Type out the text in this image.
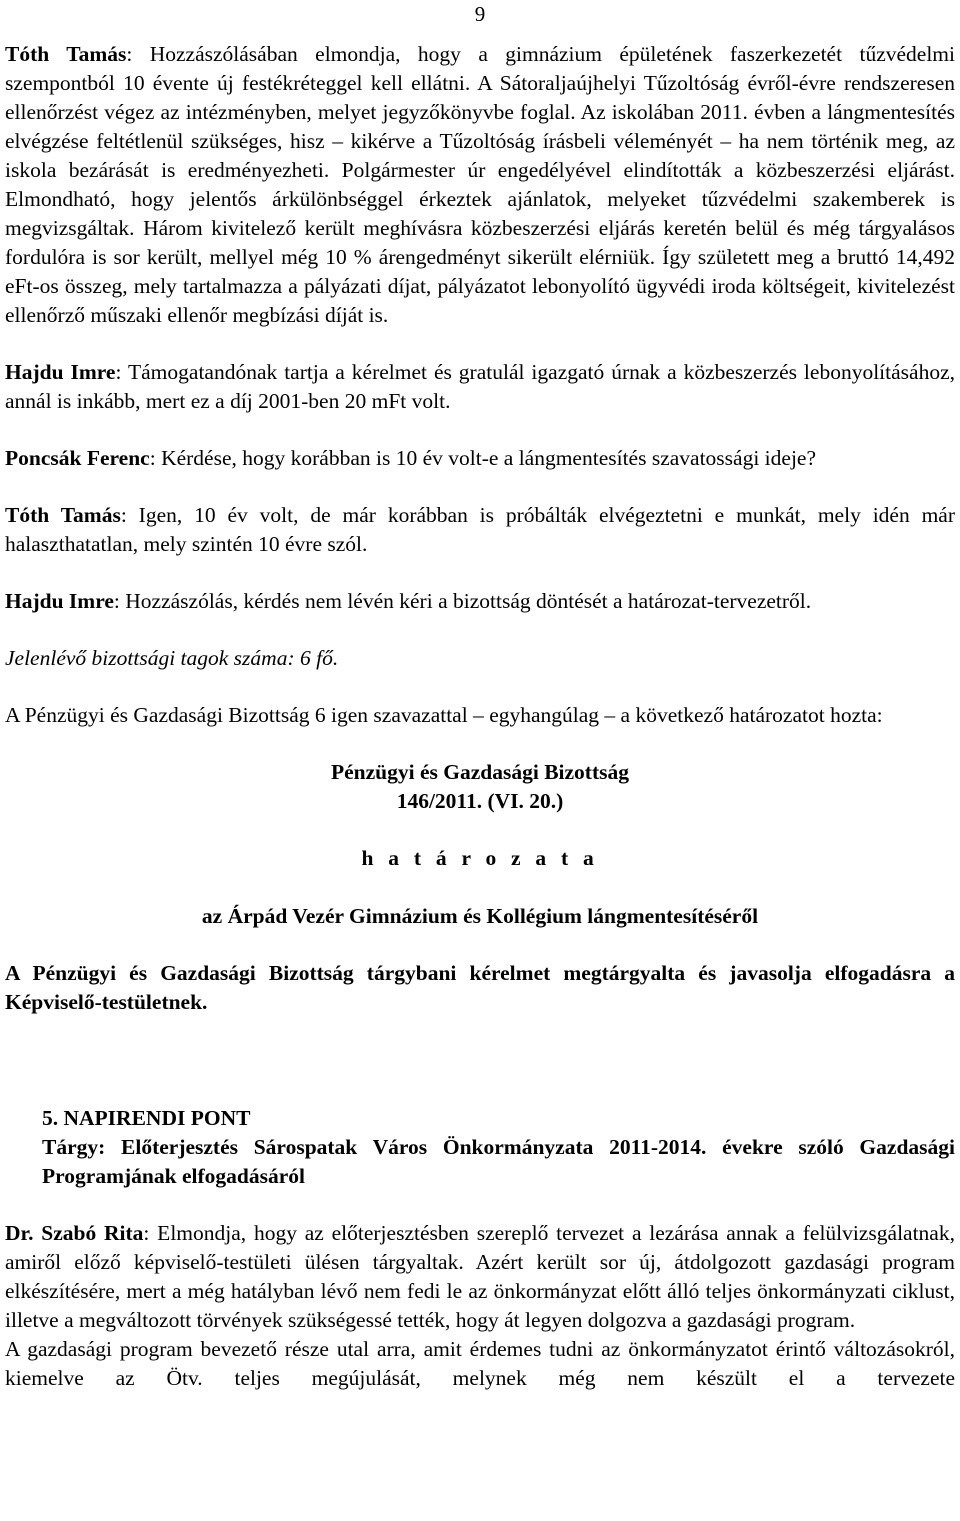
9

Tóth Tamás: Hozzászólásában elmondja, hogy a gimnázium épületének faszerkezetét tűzvédelmi szempontból 10 évente új festékréteggel kell ellátni. A Sátoraljaújhelyi Tűzoltóság évről-évre rendszeresen ellenőrzést végez az intézményben, melyet jegyzőkönyvbe foglal. Az iskolában 2011. évben a lángmentesítés elvégzése feltétlenül szükséges, hisz – kikérve a Tűzoltóság írásbeli véleményét – ha nem történik meg, az iskola bezárását is eredményezheti. Polgármester úr engedélyével elindították a közbeszerzési eljárást. Elmondható, hogy jelentős árkülönbséggel érkeztek ajánlatok, melyeket tűzvédelmi szakemberek is megvizsgáltak. Három kivitelező került meghívásra közbeszerzési eljárás keretén belül és még tárgyalásos fordulóra is sor került, mellyel még 10 % árengedményt sikerült elérniük. Így született meg a bruttó 14,492 eFt-os összeg, mely tartalmazza a pályázati díjat, pályázatot lebonyolító ügyvédi iroda költségeit, kivitelezést ellenőrző műszaki ellenőr megbízási díját is.

Hajdu Imre: Támogatandónak tartja a kérelmet és gratulál igazgató úrnak a közbeszerzés lebonyolításához, annál is inkább, mert ez a díj 2001-ben 20 mFt volt.

Poncsák Ferenc: Kérdése, hogy korábban is 10 év volt-e a lángmentesítés szavatossági ideje?

Tóth Tamás: Igen, 10 év volt, de már korábban is próbálták elvégeztetni e munkát, mely idén már halaszthatatlan, mely szintén 10 évre szól.

Hajdu Imre: Hozzászólás, kérdés nem lévén kéri a bizottság döntését a határozat-tervezetről.

Jelenlévő bizottsági tagok száma: 6 fő.

A Pénzügyi és Gazdasági Bizottság 6 igen szavazattal – egyhangúlag – a következő határozatot hozta:

Pénzügyi és Gazdasági Bizottság

146/2011. (VI. 20.)

h a t á r o z a t a

az Árpád Vezér Gimnázium és Kollégium lángmentesítéséről

A Pénzügyi és Gazdasági Bizottság tárgybani kérelmet megtárgyalta és javasolja elfogadásra a Képviselő-testületnek.

5. NAPIRENDI PONT

Tárgy: Előterjesztés Sárospatak Város Önkormányzata 2011-2014. évekre szóló Gazdasági Programjának elfogadásáról

Dr. Szabó Rita: Elmondja, hogy az előterjesztésben szereplő tervezet a lezárása annak a felülvizsgálatnak, amiről előző képviselő-testületi ülésen tárgyaltak. Azért került sor új, átdolgozott gazdasági program elkészítésére, mert a még hatályban lévő nem fedi le az önkormányzat előtt álló teljes önkormányzati ciklust, illetve a megváltozott törvények szükségessé tették, hogy át legyen dolgozva a gazdasági program.

A gazdasági program bevezető része utal arra, amit érdemes tudni az önkormányzatot érintő változásokról, kiemelve az Ötv. teljes megújulását, melynek még nem készült el a tervezete
